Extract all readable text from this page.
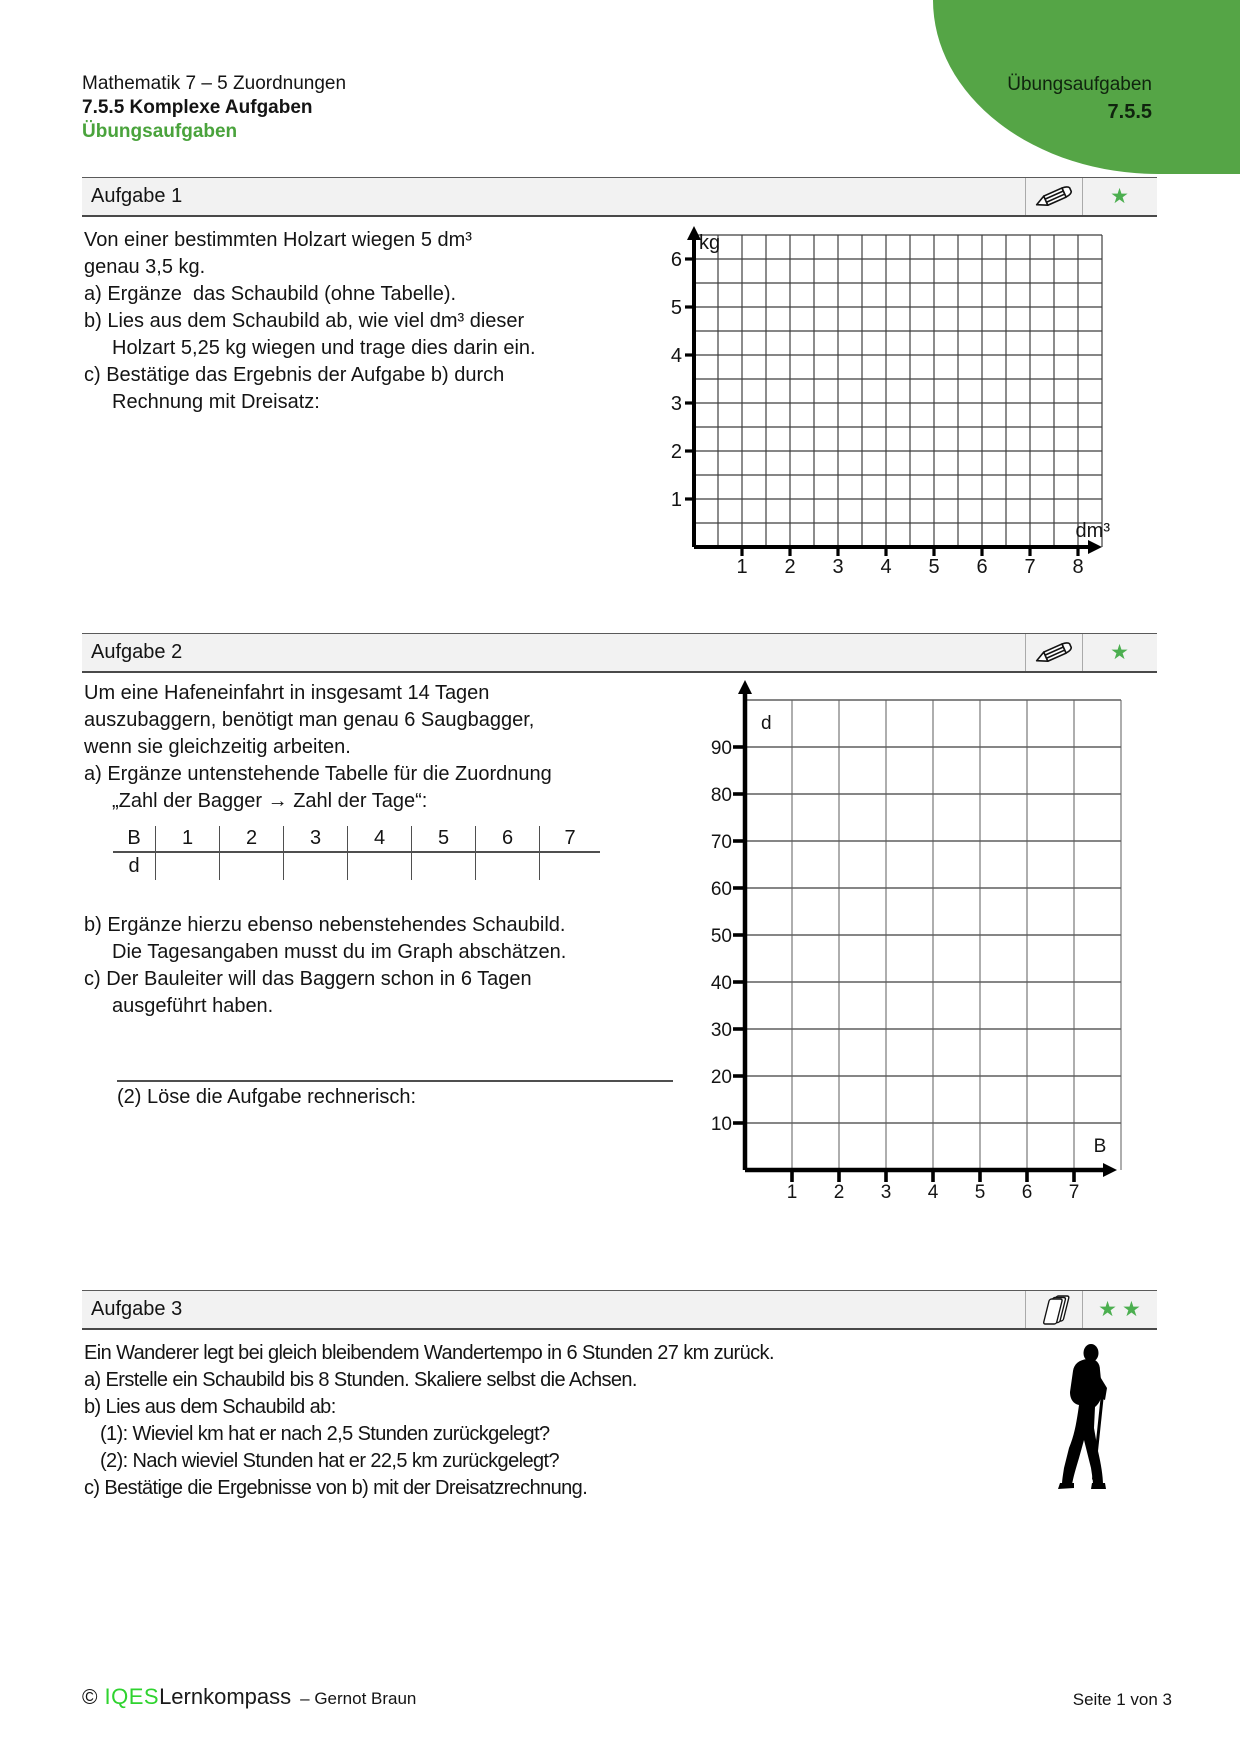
Übungsaufgaben
7.5.5
Mathematik 7 – 5 Zuordnungen
7.5.5 Komplexe Aufgaben
Übungsaufgaben
Aufgabe 1	★
Von einer bestimmten Holzart wiegen 5 dm³
genau 3,5 kg.
a) Ergänze  das Schaubild (ohne Tabelle).
b) Lies aus dem Schaubild ab, wie viel dm³ dieser
Holzart 5,25 kg wiegen und trage dies darin ein.
c) Bestätige das Ergebnis der Aufgabe b) durch
Rechnung mit Dreisatz:
1 2 3 4 5 6 7 8
1
2
3
4
5
6
dm³
kg
Aufgabe 2	★
Um eine Hafeneinfahrt in insgesamt 14 Tagen
auszubaggern, benötigt man genau 6 Saugbagger,
wenn sie gleichzeitig arbeiten.
a) Ergänze untenstehende Tabelle für die Zuordnung
„Zahl der Bagger → Zahl der Tage“:
B	1	2	3	4	5	6	7
d
b) Ergänze hierzu ebenso nebenstehendes Schaubild.
Die Tagesangaben musst du im Graph abschätzen.
c) Der Bauleiter will das Baggern schon in 6 Tagen
ausgeführt haben.
(2) Löse die Aufgabe rechnerisch:
1 2 3 4 5 6 7
10
20
30
40
50
60
70
80
90
B
d
Aufgabe 3	★★
Ein Wanderer legt bei gleich bleibendem Wandertempo in 6 Stunden 27 km zurück.
a) Erstelle ein Schaubild bis 8 Stunden. Skaliere selbst die Achsen.
b) Lies aus dem Schaubild ab:
(1): Wieviel km hat er nach 2,5 Stunden zurückgelegt?
(2): Nach wieviel Stunden hat er 22,5 km zurückgelegt?
c) Bestätige die Ergebnisse von b) mit der Dreisatzrechnung.
© IQES Lernkompass – Gernot Braun	Seite 1 von 3
